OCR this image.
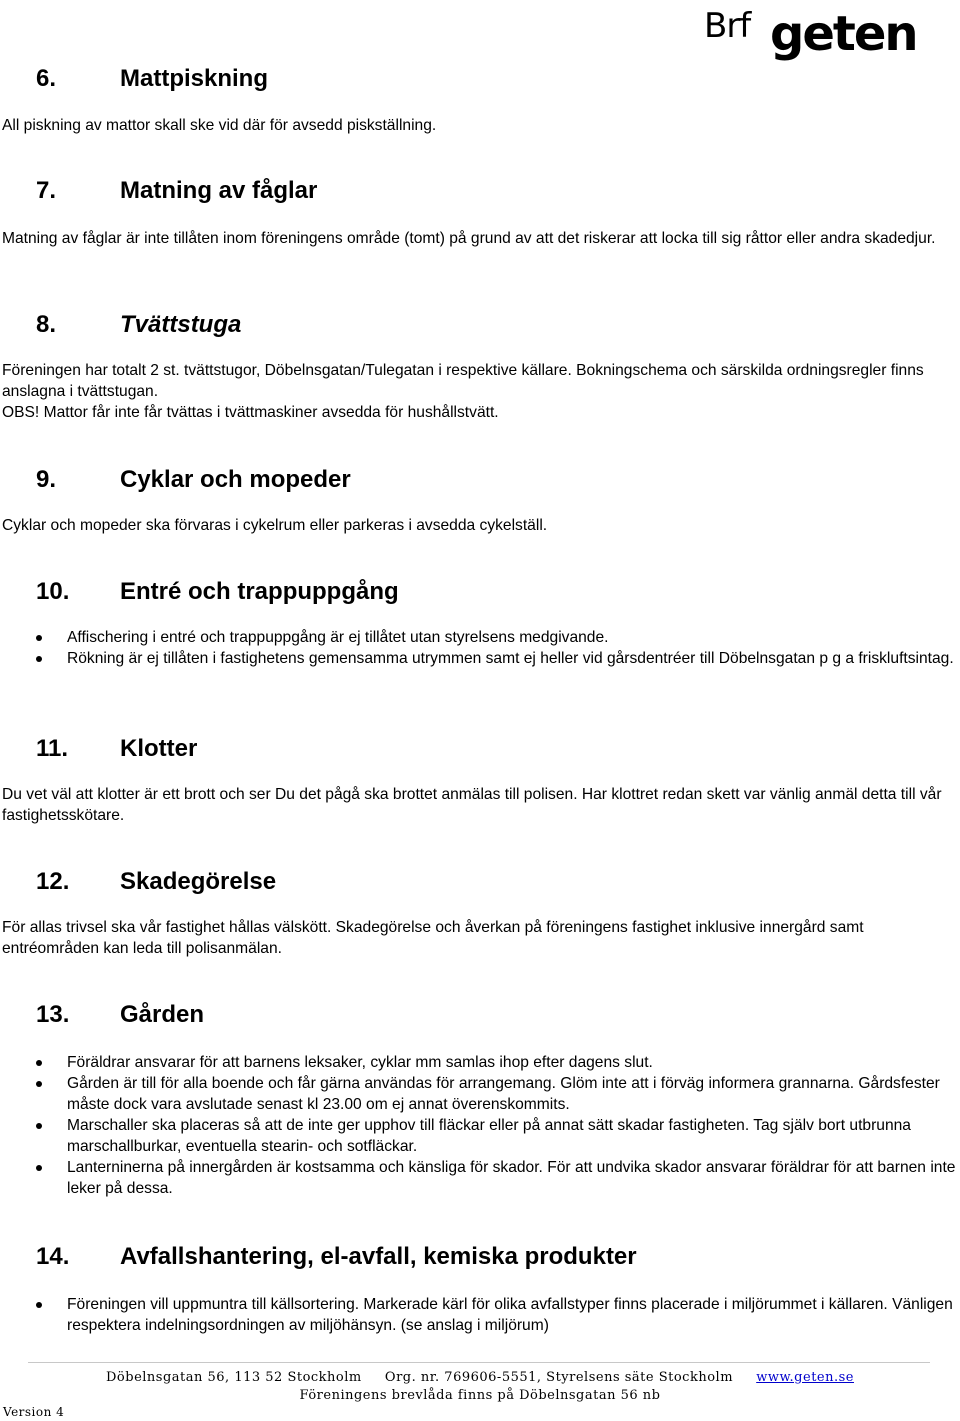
Brf geten
6.	Mattpiskning

All piskning av mattor skall ske vid där för avsedd piskställning.

7.	Matning av fåglar

Matning av fåglar är inte tillåten inom föreningens område (tomt) på grund av att det riskerar att locka till sig råttor eller andra skadedjur.

8.	Tvättstuga

Föreningen har totalt 2 st. tvättstugor, Döbelnsgatan/Tulegatan i respektive källare. Bokningschema och särskilda ordningsregler finns anslagna i tvättstugan.

OBS! Mattor får inte får tvättas i tvättmaskiner avsedda för hushållstvätt.

9.	Cyklar och mopeder

Cyklar och mopeder ska förvaras i cykelrum eller parkeras i avsedda cykelställ.

10. Entré och trappuppgång
Affischering i entré och trappuppgång är ej tillåtet utan styrelsens medgivande.
Rökning är ej tillåten i fastighetens gemensamma utrymmen samt ej heller vid gårsdentréer till Döbelnsgatan p g a friskluftsintag.
11. Klotter

Du vet väl att klotter är ett brott och ser Du det pågå ska brottet anmälas till polisen. Har klottret redan skett var vänlig anmäl detta till vår fastighetsskötare.

12. Skadegörelse

För allas trivsel ska vår fastighet hållas välskött. Skadegörelse och åverkan på föreningens fastighet inklusive innergård samt entréområden kan leda till polisanmälan.

13. Gården
Föräldrar ansvarar för att barnens leksaker, cyklar mm samlas ihop efter dagens slut.
Gården är till för alla boende och får gärna användas för arrangemang. Glöm inte att i förväg informera grannarna. Gårdsfester måste dock vara avslutade senast kl 23.00 om ej annat överenskommits.
Marschaller ska placeras så att de inte ger upphov till fläckar eller på annat sätt skadar fastigheten. Tag själv bort utbrunna marschallburkar, eventuella stearin- och sotfläckar.
Lanterninerna på innergården är kostsamma och känsliga för skador. För att undvika skador ansvarar föräldrar för att barnen inte leker på dessa.
14. Avfallshantering, el-avfall, kemiska produkter
Föreningen vill uppmuntra till källsortering. Markerade kärl för olika avfallstyper finns placerade i miljörummet i källaren. Vänligen respektera indelningsordningen av miljöhänsyn. (se anslag i miljörum)
Döbelnsgatan 56, 113 52 Stockholm Org. nr. 769606-5551, Styrelsens säte Stockholm www.geten.se
Föreningens brevlåda finns på Döbelnsgatan 56 nb
Version 4
